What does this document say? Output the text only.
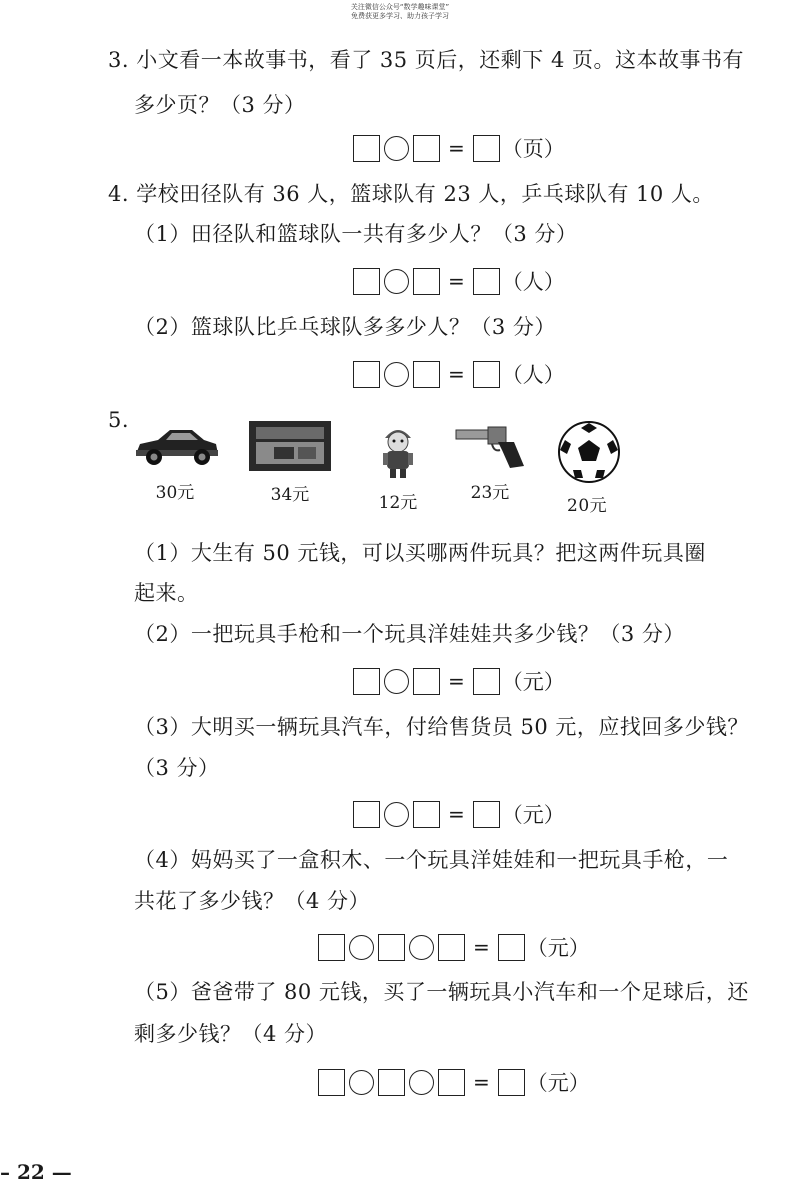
关注微信公众号“数学趣味课堂”
免费获更多学习、助力孩子学习
3. 小文看一本故事书，看了 35 页后，还剩下 4 页。这本故事书有
多少页？（3 分）
= （页）
4. 学校田径队有 36 人，篮球队有 23 人，乒乓球队有 10 人。
（1）田径队和篮球队一共有多少人？（3 分）
= （人）
（2）篮球队比乒乓球队多多少人？（3 分）
= （人）
5.
30元	34元	12元	23元
20元
（1）大生有 50 元钱，可以买哪两件玩具？把这两件玩具圈
起来。
（2）一把玩具手枪和一个玩具洋娃娃共多少钱？（3 分）
= （元）
（3）大明买一辆玩具汽车，付给售货员 50 元，应找回多少钱？
（3 分）
= （元）
（4）妈妈买了一盒积木、一个玩具洋娃娃和一把玩具手枪，一
共花了多少钱？（4 分）
= （元）
（5）爸爸带了 80 元钱，买了一辆玩具小汽车和一个足球后，还
剩多少钱？（4 分）
= （元）
– 22 —
